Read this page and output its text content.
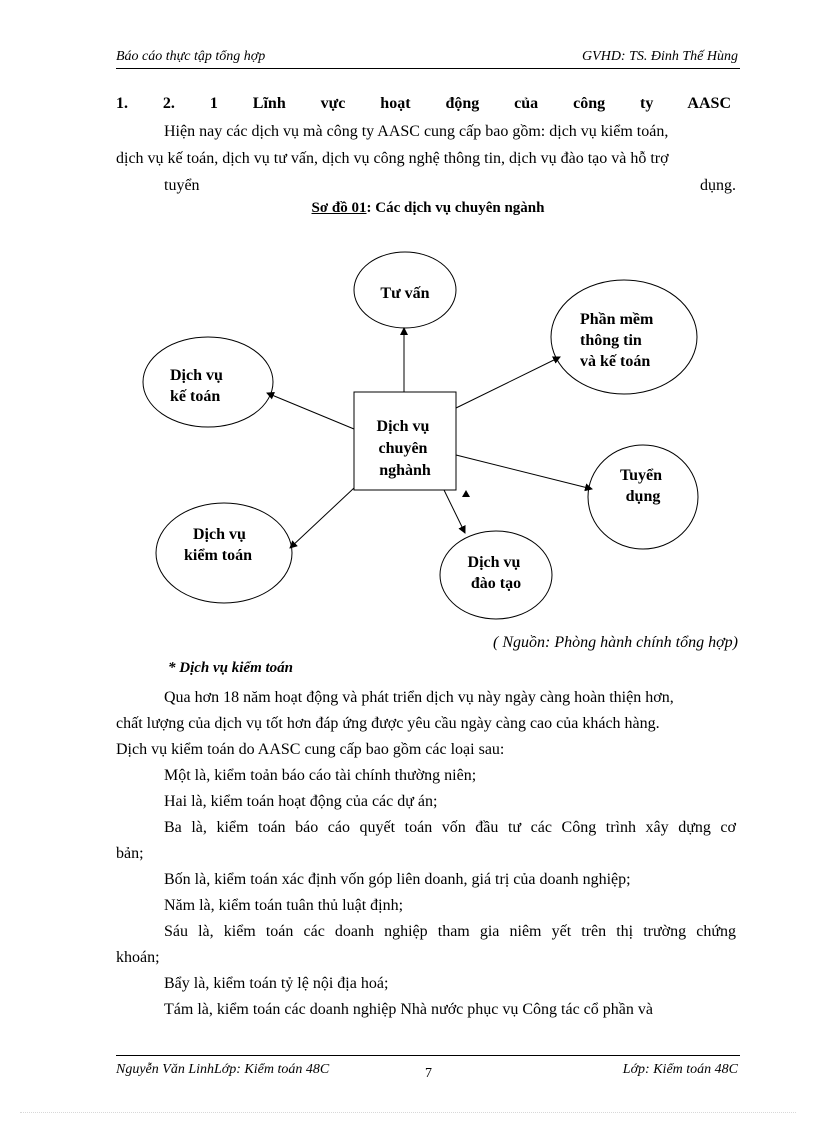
Báo cáo thực tập tổng hợp	GVHD: TS. Đinh Thế Hùng
1. 2. 1 Lĩnh vực hoạt động của công ty AASC
Hiện nay các dịch vụ mà công ty AASC cung cấp bao gồm: dịch vụ kiểm toán,
dịch vụ kế toán, dịch vụ tư vấn, dịch vụ công nghệ thông tin, dịch vụ đào tạo và hỗ trợ
tuyển dụng.
Sơ đồ 01: Các dịch vụ chuyên ngành
Dịch vụ chuyên nghành
Tư vấn
Phần mềm thông tin và kế toán
Dịch vụ kế toán
Tuyển dụng
Dịch vụ kiểm toán	Dịch vụ đào tạo
( Nguồn: Phòng hành chính tổng hợp)
* Dịch vụ kiểm toán
Qua hơn 18 năm hoạt động và phát triển dịch vụ này ngày càng hoàn thiện hơn,
chất lượng của dịch vụ tốt hơn đáp ứng được yêu cầu ngày càng cao của khách hàng.
Dịch vụ kiểm toán do AASC cung cấp bao gồm các loại sau:
Một là, kiểm toản báo cáo tài chính thường niên;
Hai là, kiểm toán hoạt động của các dự án;
Ba là, kiểm toán báo cáo quyết toán vốn đầu tư các Công trình xây dựng cơ
bản;
Bốn là, kiểm toán xác định vốn góp liên doanh, giá trị của doanh nghiệp;
Năm là, kiểm toán tuân thủ luật định;
Sáu là, kiểm toán các doanh nghiệp tham gia niêm yết trên thị trường chứng
khoán;
Bẩy là, kiểm toán tỷ lệ nội địa hoá;
Tám là, kiểm toán các doanh nghiệp Nhà nước phục vụ Công tác cổ phần và
Nguyễn Văn LinhLớp: Kiểm toán 48C	7	Lớp: Kiểm toán 48C
